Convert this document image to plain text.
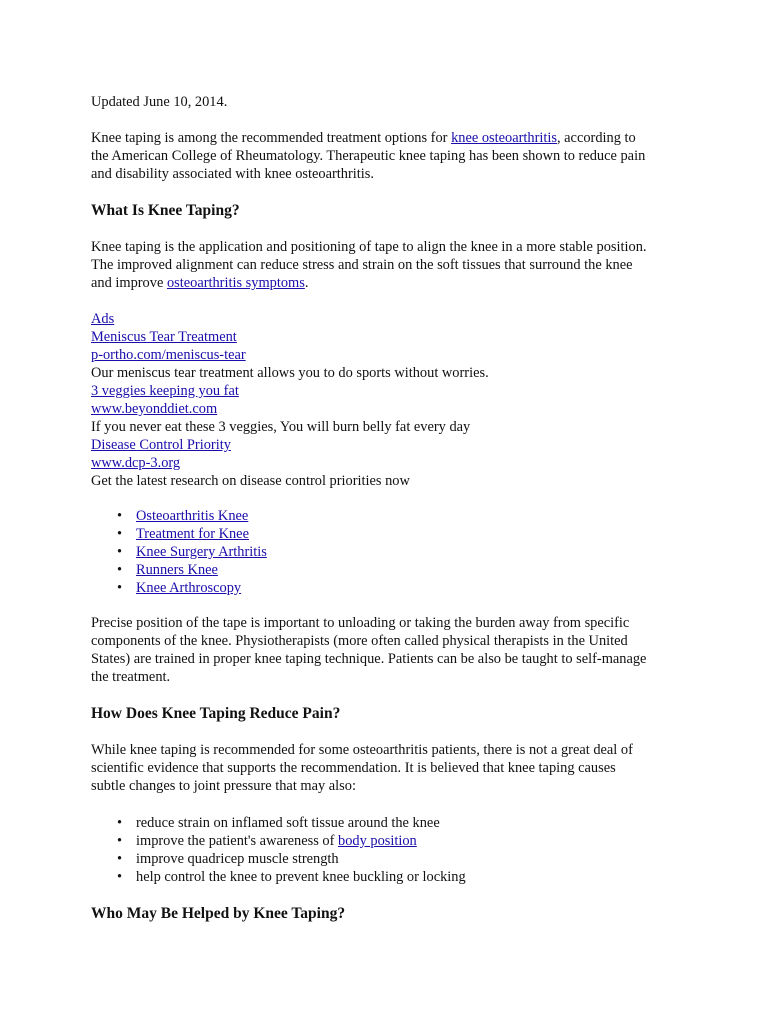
Updated June 10, 2014.

Knee taping is among the recommended treatment options for knee osteoarthritis, according to
the American College of Rheumatology. Therapeutic knee taping has been shown to reduce pain
and disability associated with knee osteoarthritis.
What Is Knee Taping?
Knee taping is the application and positioning of tape to align the knee in a more stable position.
The improved alignment can reduce stress and strain on the soft tissues that surround the knee
and improve osteoarthritis symptoms.
Ads
Meniscus Tear Treatment
p-ortho.com/meniscus-tear
Our meniscus tear treatment allows you to do sports without worries.
3 veggies keeping you fat
www.beyonddiet.com
If you never eat these 3 veggies, You will burn belly fat every day
Disease Control Priority
www.dcp-3.org
Get the latest research on disease control priorities now
• Osteoarthritis Knee
• Treatment for Knee
• Knee Surgery Arthritis
• Runners Knee
• Knee Arthroscopy
Precise position of the tape is important to unloading or taking the burden away from specific
components of the knee. Physiotherapists (more often called physical therapists in the United
States) are trained in proper knee taping technique. Patients can be also be taught to self-manage
the treatment.
How Does Knee Taping Reduce Pain?
While knee taping is recommended for some osteoarthritis patients, there is not a great deal of
scientific evidence that supports the recommendation. It is believed that knee taping causes
subtle changes to joint pressure that may also:
• reduce strain on inflamed soft tissue around the knee
• improve the patient's awareness of body position
• improve quadricep muscle strength
• help control the knee to prevent knee buckling or locking
Who May Be Helped by Knee Taping?
